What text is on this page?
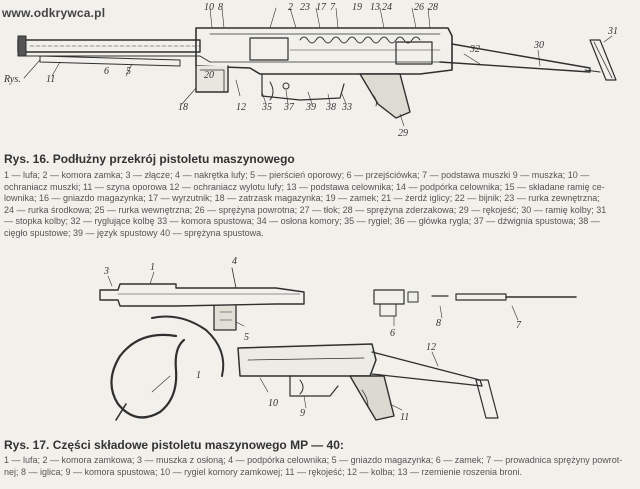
www.odkrywca.pl	10 8	2 23 17 7 19 13 24 26 28
Rys.	11
6 5	20
18	12 35 37 39 38 33
32	30
31
29
3	1
4
5	6
8	7
1
10
12
9	11
Rys. 16. Podłużny przekrój pistoletu maszynowego
1 — lufa; 2 — komora zamka; 3 — złącze; 4 — nakrętka lufy; 5 — pierścień oporowy; 6 — przejściówka; 7 — podstawa muszki 9 — muszka; 10 —
ochraniacz muszki; 11 — szyna oporowa 12 — ochraniacz wylotu lufy; 13 — podstawa celownika; 14 — podpórka celownika; 15 — składane ramię ce-
lownika; 16 — gniazdo magazynka; 17 — wyrzutnik; 18 — zatrzask magazynka; 19 — zamek; 21 — żerdź iglicy; 22 — bijnik; 23 — rurka zewnętrzna;
24 — rurka środkowa; 25 — rurka wewnętrzna; 26 — sprężyna powrotna; 27 — tłok; 28 — sprężyna zderzakowa; 29 — rękojeść; 30 — ramię kolby; 31
— stopka kolby; 32 — ryglujące kolbę 33 — komora spustowa; 34 — osłona komory; 35 — rygiel; 36 — główka rygla; 37 — dźwignia spustowa; 38 —
cięgło spustowe; 39 — język spustowy 40 — sprężyna spustowa.
Rys. 17. Części składowe pistoletu maszynowego MP — 40:
1 — lufa; 2 — komora zamkowa; 3 — muszka z osłoną; 4 — podpórka celownika; 5 — gniazdo magazynka; 6 — zamek; 7 — prowadnica sprężyny powrot-
nej; 8 — iglica; 9 — komora spustowa; 10 — rygiel komory zamkowej; 11 — rękojeść; 12 — kolba; 13 — rzemienie roszenia broni.
